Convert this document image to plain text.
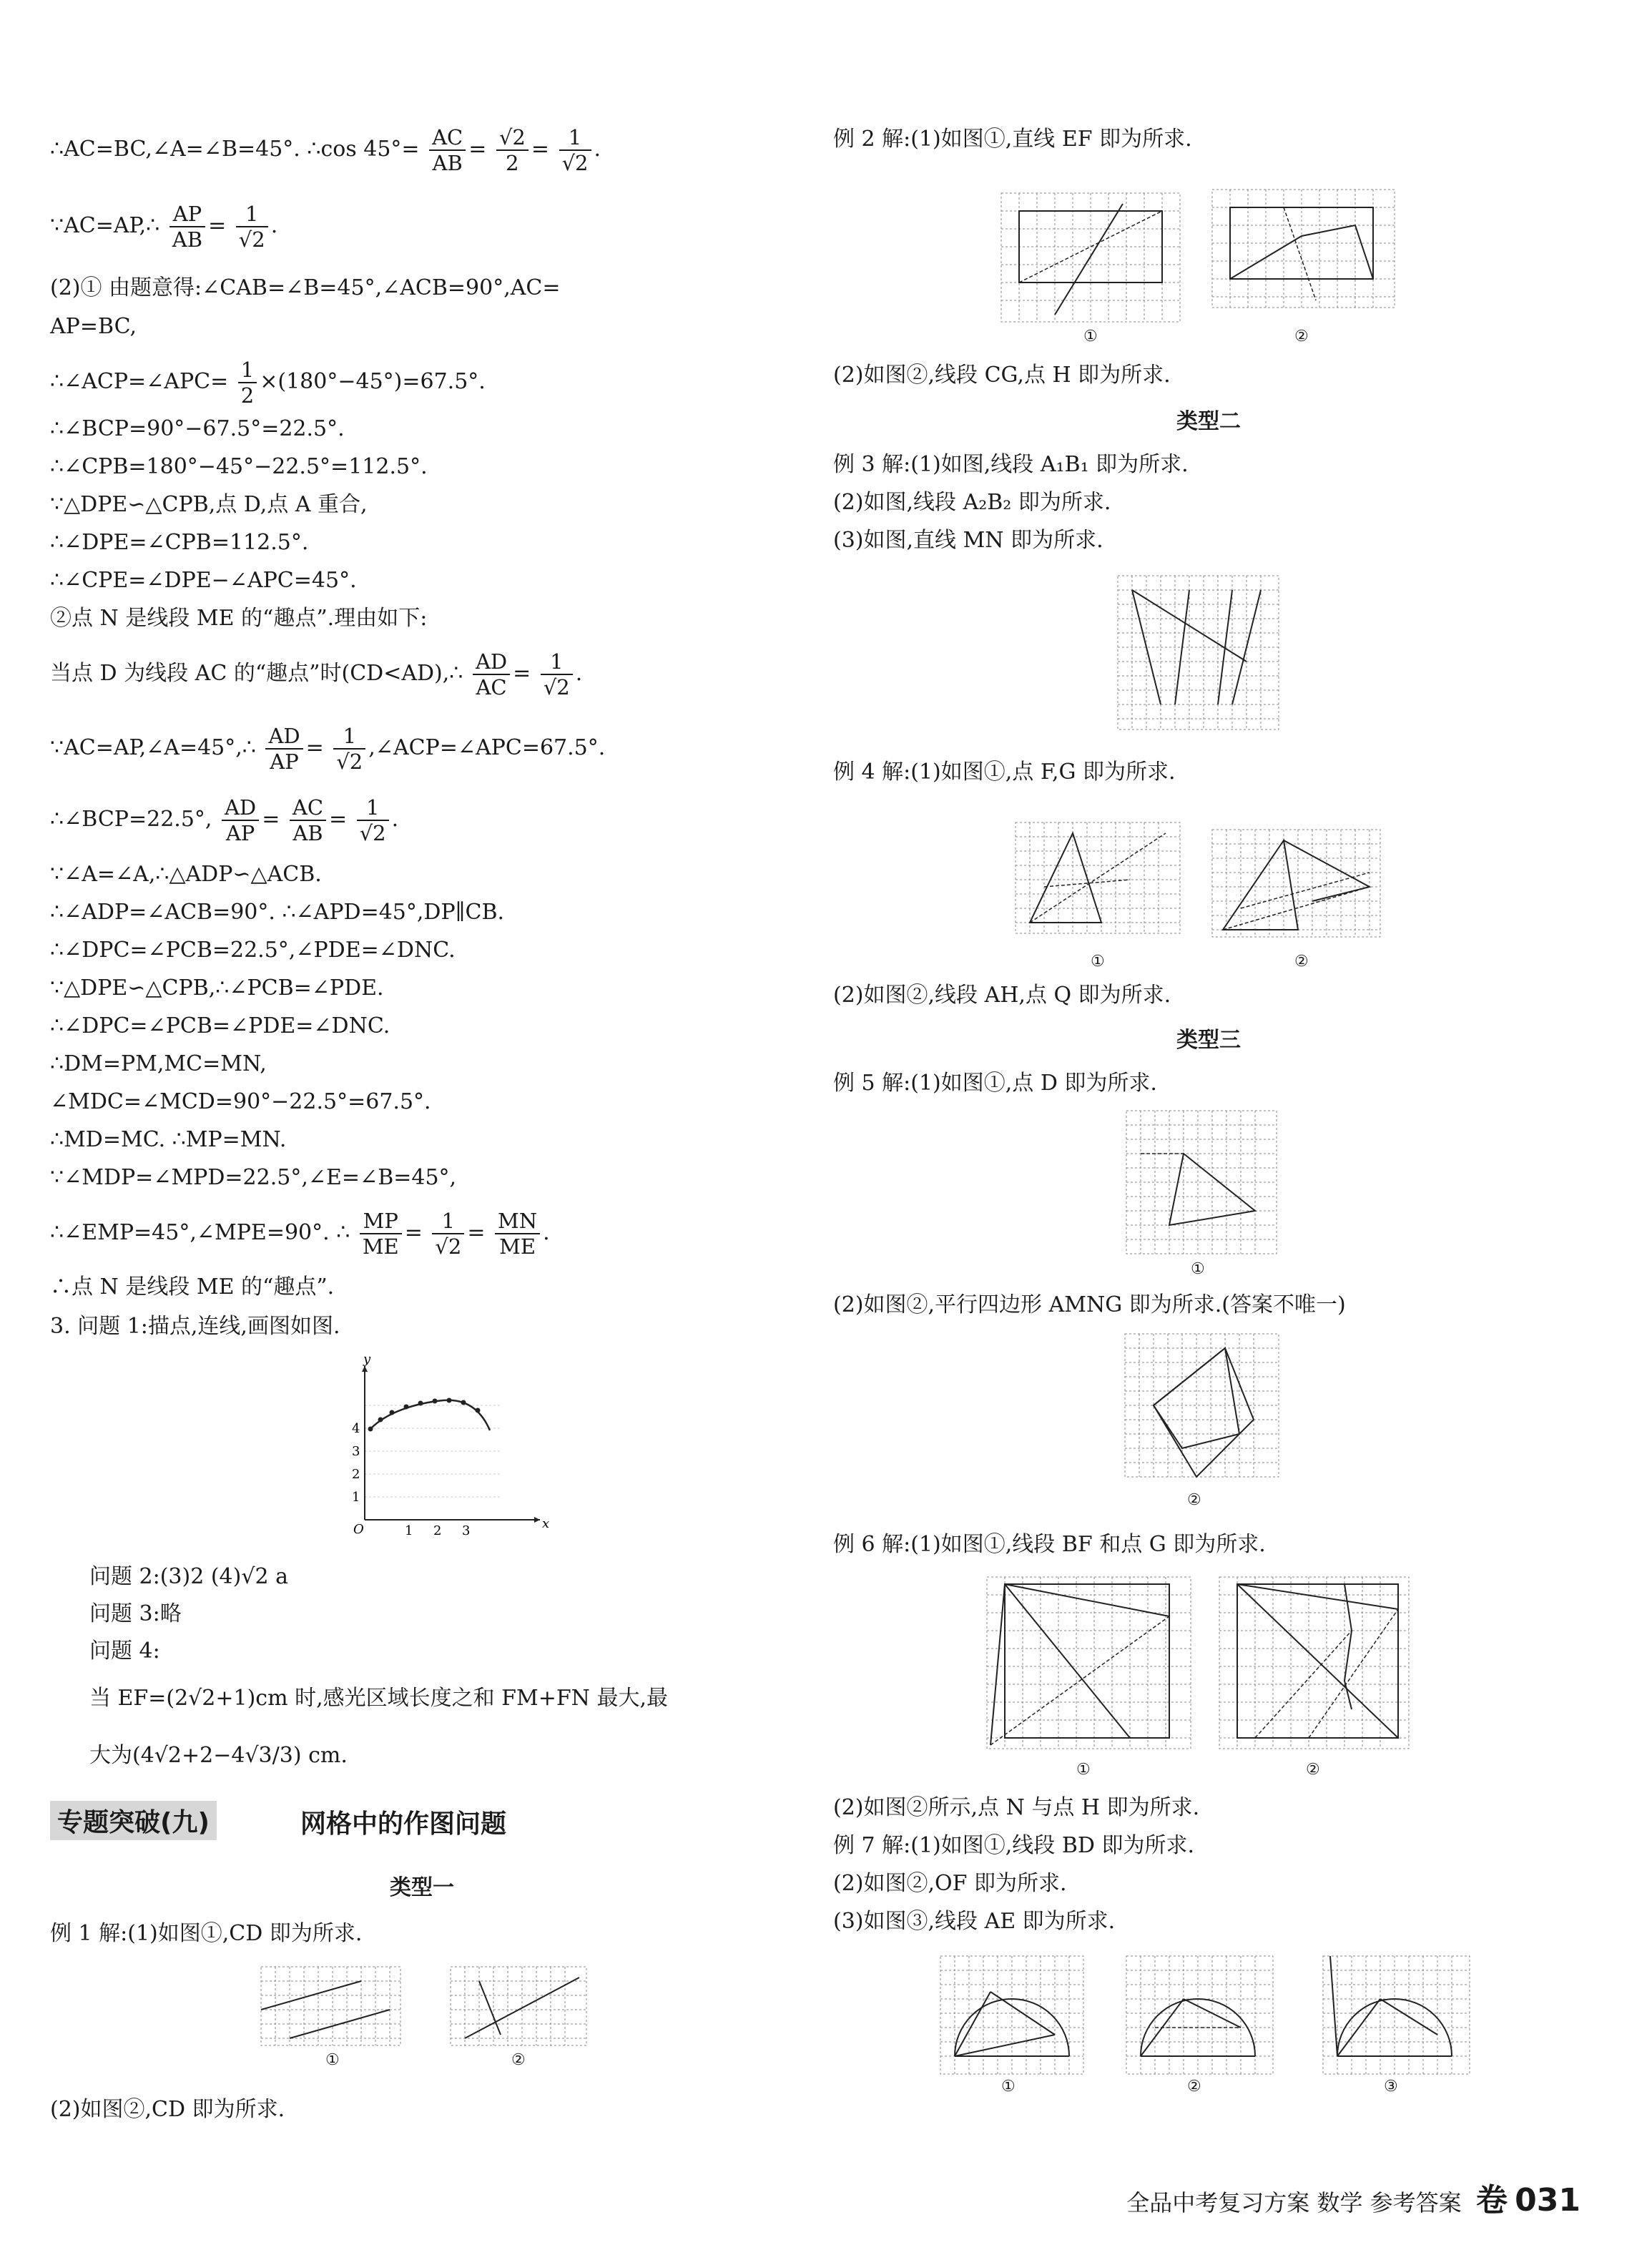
∴AC=BC,∠A=∠B=45°. ∴cos $45^\circ= \frac{AC}{AB} = \frac{√2}{2} = \frac{1}{√2}$ .
∵AC=AP,∴ $\frac{AP}{AB} = \frac{1}{√2}$ .
(2)① 由题意得:∠CAB=∠B=45°,∠ACB=90°,AC=
AP=BC,
∴∠ACP=∠APC= $\frac{1}{2} \times(180^\circ-45^\circ)=67.5^\circ$.
∴∠BCP=90°−67.5°=22.5°.
∴∠CPB=180°−45°−22.5°=112.5°.
∵△DPE∽△CPB,点 D,点 A 重合,
∴∠DPE=∠CPB=112.5°.
∴∠CPE=∠DPE−∠APC=45°.
②点 N 是线段 ME 的“趣点”.理由如下:
当点 D 为线段 AC 的“趣点”时(CD<AD),∴ $\frac{AD}{AC} = \frac{1}{√2}$ .
∵AC=AP,∠A=45°,∴ $\frac{AD}{AP} = \frac{1}{√2}$ ,∠ACP=∠APC=67.5°.
∴∠BCP=22.5°, $\frac{AD}{AP} = \frac{AC}{AB} = \frac{1}{√2}$ .
∵∠A=∠A,∴△ADP∽△ACB.
∴∠ADP=∠ACB=90°. ∴∠APD=45°,DP∥CB.
∴∠DPC=∠PCB=22.5°,∠PDE=∠DNC.
∵△DPE∽△CPB,∴∠PCB=∠PDE.
∴∠DPC=∠PCB=∠PDE=∠DNC.
∴DM=PM,MC=MN,
∠MDC=∠MCD=90°−22.5°=67.5°.
∴MD=MC. ∴MP=MN.
∵∠MDP=∠MPD=22.5°,∠E=∠B=45°,
∴∠EMP=45°,∠MPE=90°. ∴ $\frac{MP}{ME} = \frac{1}{√2} = \frac{MN}{ME}$ .
∴点 N 是线段 ME 的“趣点”.
3. 问题 1:描点,连线,画图如图.
O
y
x
1
2
3
4
1 2 3
问题 2:(3)2 (4)√2 a
问题 3:略
问题 4:
当 EF=(2√2+1)cm 时,感光区域长度之和 FM+FN 最大,最
大为(4√2+2−4√3/3) cm.
专题突破(九)	网格中的作图问题
类型一
例 1 解:(1)如图①,CD 即为所求.
①	②
(2)如图②,CD 即为所求.
例 2 解:(1)如图①,直线 EF 即为所求.
①	②
(2)如图②,线段 CG,点 H 即为所求.
类型二
例 3 解:(1)如图,线段 A₁B₁ 即为所求.
(2)如图,线段 A₂B₂ 即为所求.
(3)如图,直线 MN 即为所求.
例 4 解:(1)如图①,点 F,G 即为所求.
①	②
(2)如图②,线段 AH,点 Q 即为所求.
类型三
例 5 解:(1)如图①,点 D 即为所求.
①
(2)如图②,平行四边形 AMNG 即为所求.(答案不唯一)
②
例 6 解:(1)如图①,线段 BF 和点 G 即为所求.
①	②
(2)如图②所示,点 N 与点 H 即为所求.
例 7 解:(1)如图①,线段 BD 即为所求.
(2)如图②,OF 即为所求.
(3)如图③,线段 AE 即为所求.
①	②	③
全品中考复习方案 数学 参考答案 卷 031
